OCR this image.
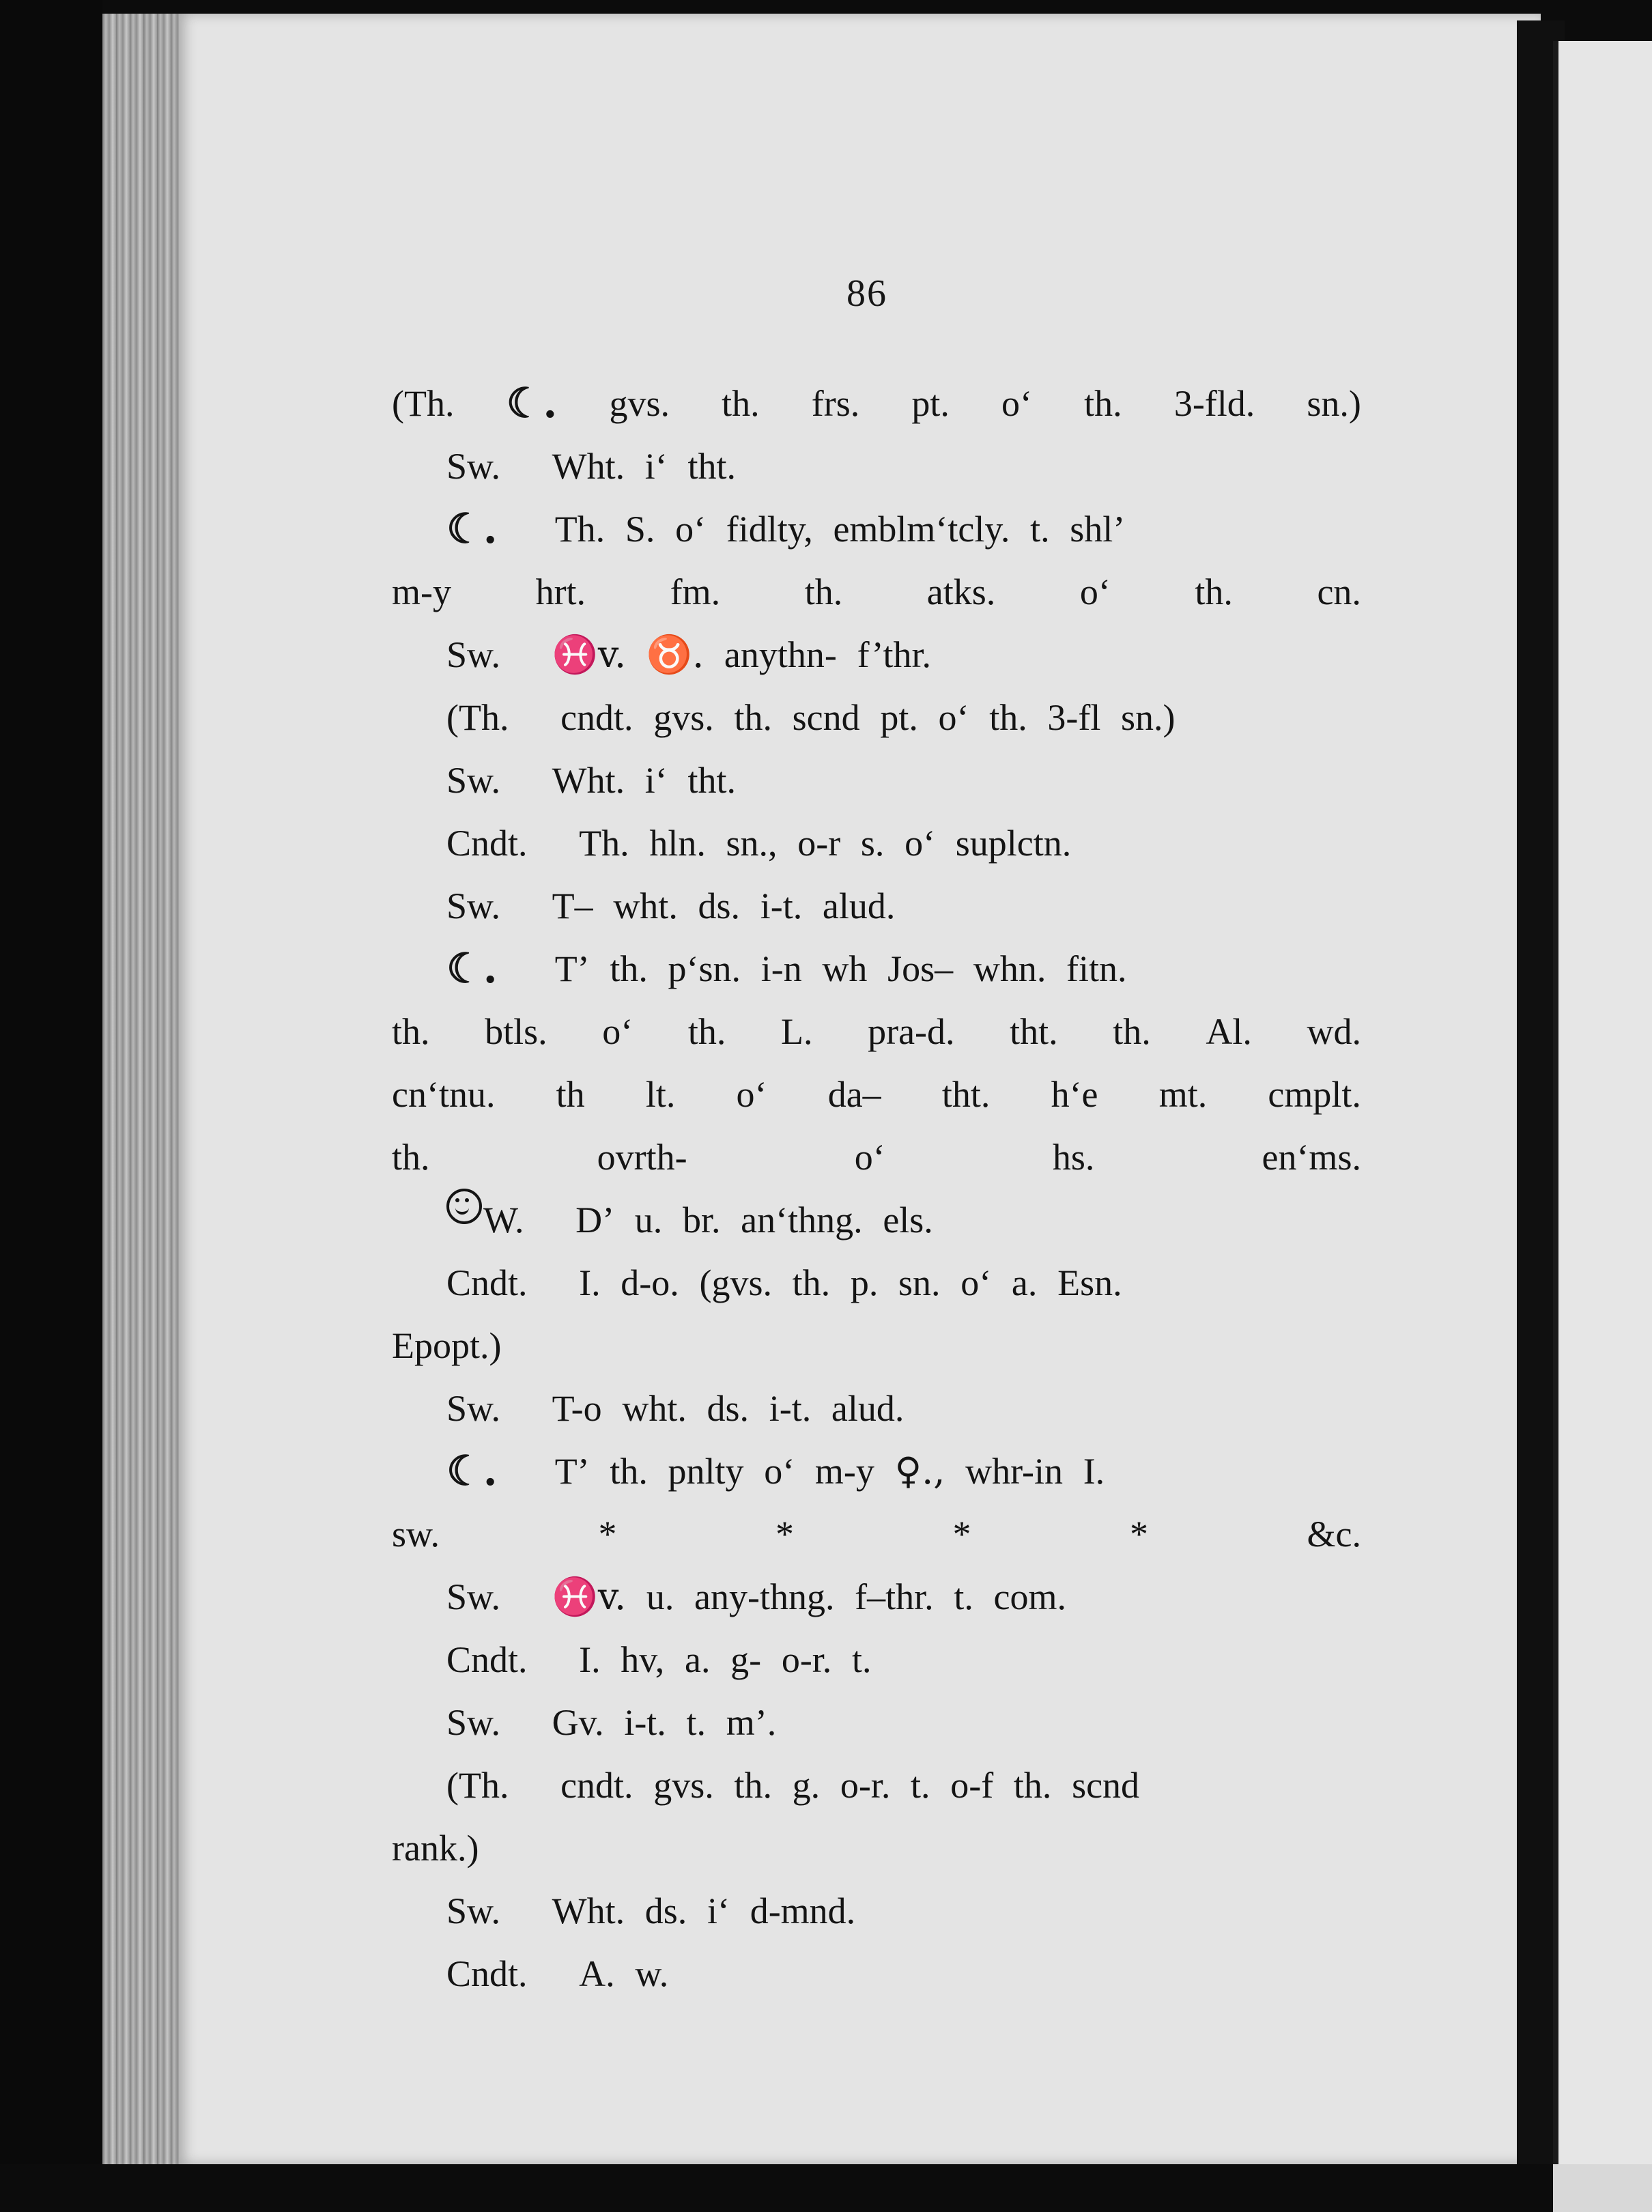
86
(Th. ☾. gvs. th. frs. pt. o‘ th. 3-fld. sn.)
Sw. Wht. i‘ tht.
☾. Th. S. o‘ fidlty, emblm‘tcly. t. shl’
m-y hrt. fm. th. atks. o‘ th. cn.
Sw. ♓v. ♉. anythn- f’thr.
(Th. cndt. gvs. th. scnd pt. o‘ th. 3-fl sn.)
Sw. Wht. i‘ tht.
Cndt. Th. hln. sn., o-r s. o‘ suplctn.
Sw. T– wht. ds. i-t. alud.
☾. T’ th. p‘sn. i-n wh Jos– whn. fitn.
th. btls. o‘ th. L. pra-d. tht. th. Al. wd.
cn‘tnu. th lt. o‘ da– tht. h‘e mt. cmplt.
th.	ovrth-	o‘	hs.	en‘ms.
W. D’ u. br. an‘thng. els.
Cndt. I. d-o. (gvs. th. p. sn. o‘ a. Esn.
Epopt.)
Sw. T-o wht. ds. i-t. alud.
☾. T’ th. pnlty o‘ m-y ♀., whr-in I.
sw.	*	*	*	*	&c.
Sw. ♓v. u. any-thng. f–thr. t. com.
Cndt. I. hv, a. g- o-r. t.
Sw. Gv. i-t. t. m’.
(Th. cndt. gvs. th. g. o-r. t. o-f th. scnd
rank.)
Sw. Wht. ds. i‘ d-mnd.
Cndt. A. w.
